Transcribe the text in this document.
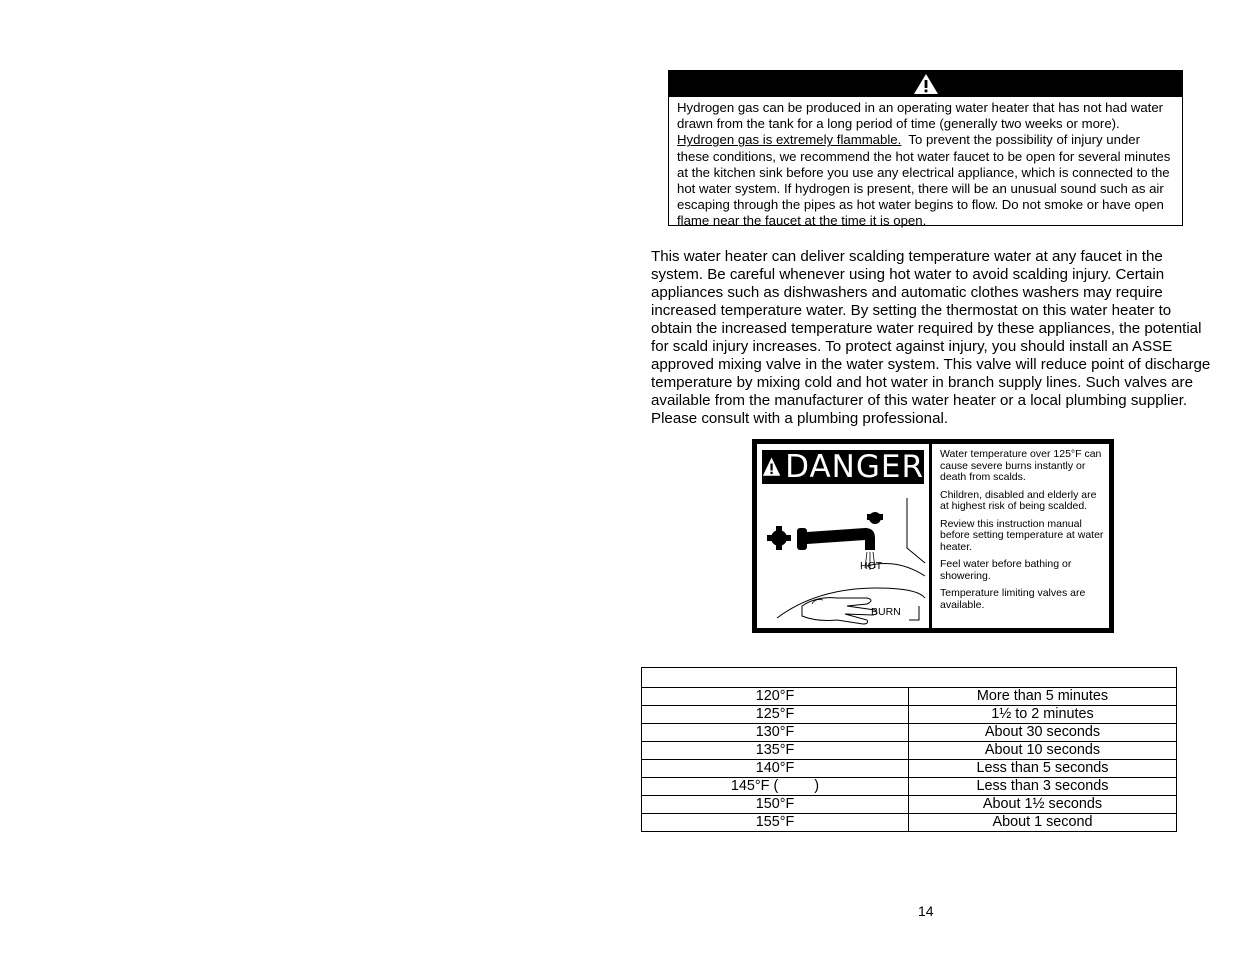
Hydrogen gas can be produced in an operating water heater that has not had water drawn from the tank for a long period of time (generally two weeks or more).  Hydrogen gas is extremely flammable. To prevent the possibility of injury under these conditions, we recommend the hot water faucet to be open for several minutes at the kitchen sink before you use any electrical appliance, which is connected to the hot water system. If hydrogen is present, there will be an unusual sound such as air escaping through the pipes as hot water begins to flow. Do not smoke or have open flame near the faucet at the time it is open.
This water heater can deliver scalding temperature water at any faucet in the system. Be careful whenever using hot water to avoid scalding injury. Certain appliances such as dishwashers and automatic clothes washers may require increased temperature water. By setting the thermostat on this water heater to obtain the increased temperature water required by these appliances, the potential for scald injury increases. To protect against injury, you should install an ASSE approved mixing valve in the water system. This valve will reduce point of discharge temperature by mixing cold and hot water in branch supply lines. Such valves are available from the manufacturer of this water heater or a local plumbing supplier. Please consult with a plumbing professional.
DANGER
HOT
BURN

Water temperature over 125°F can cause severe burns instantly or death from scalds.

Children, disabled and elderly are at highest risk of being scalded.

Review this instruction manual before setting temperature at water heater.

Feel water before bathing or showering.

Temperature limiting valves are available.

120°F	More than 5 minutes
125°F	1½ to 2 minutes
130°F	About 30 seconds
135°F	About 10 seconds
140°F	Less than 5 seconds
145°F ( )	Less than 3 seconds
150°F	About 1½ seconds
155°F	About 1 second
14
